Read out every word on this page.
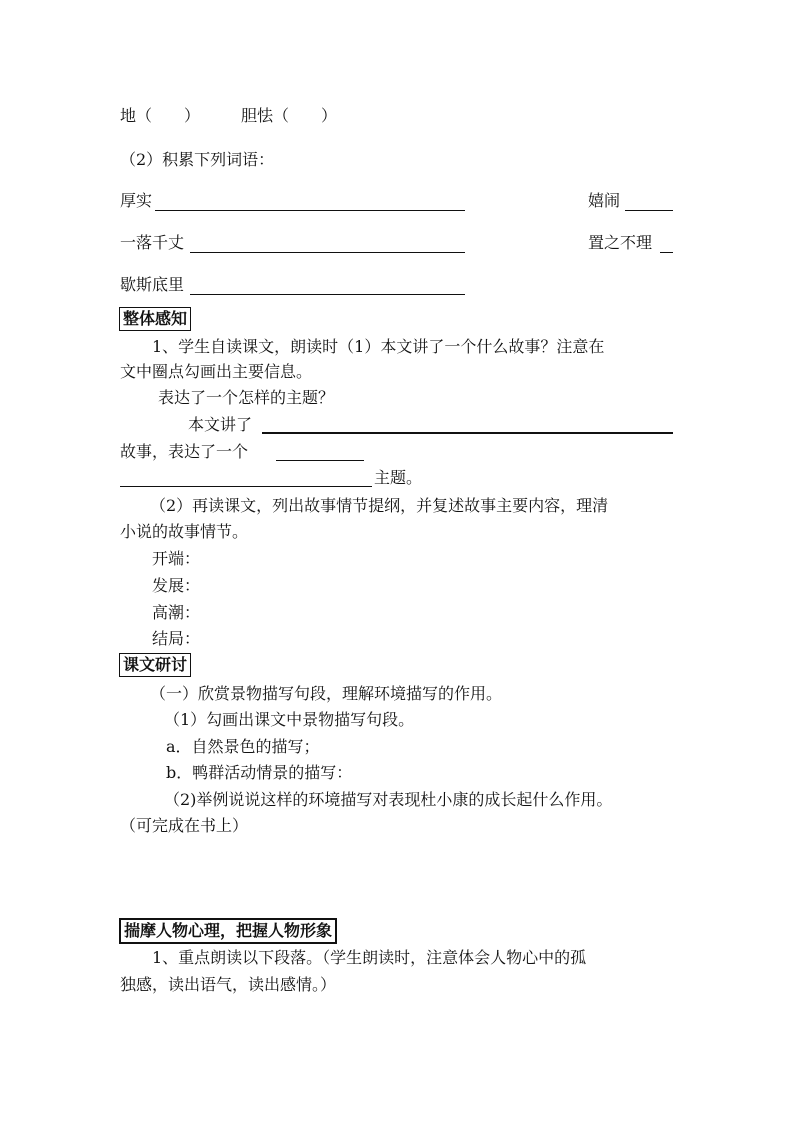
地（　　）	胆怯（　　）
（2）积累下列词语：
厚实	嬉闹
一落千丈	置之不理
歇斯底里
整体感知
1、学生自读课文，朗读时（1）本文讲了一个什么故事？注意在
文中圈点勾画出主要信息。
表达了一个怎样的主题？
本文讲了
故事，表达了一个
主题。
（2）再读课文，列出故事情节提纲，并复述故事主要内容，理清
小说的故事情节。
开端：
发展：
高潮：
结局：
课文研讨
（一）欣赏景物描写句段，理解环境描写的作用。
（1）勾画出课文中景物描写句段。
a．自然景色的描写；
b．鸭群活动情景的描写：
（2)举例说说这样的环境描写对表现杜小康的成长起什么作用。
（可完成在书上）
揣摩人物心理，把握人物形象
1、重点朗读以下段落。（学生朗读时，注意体会人物心中的孤
独感，读出语气，读出感情。）
